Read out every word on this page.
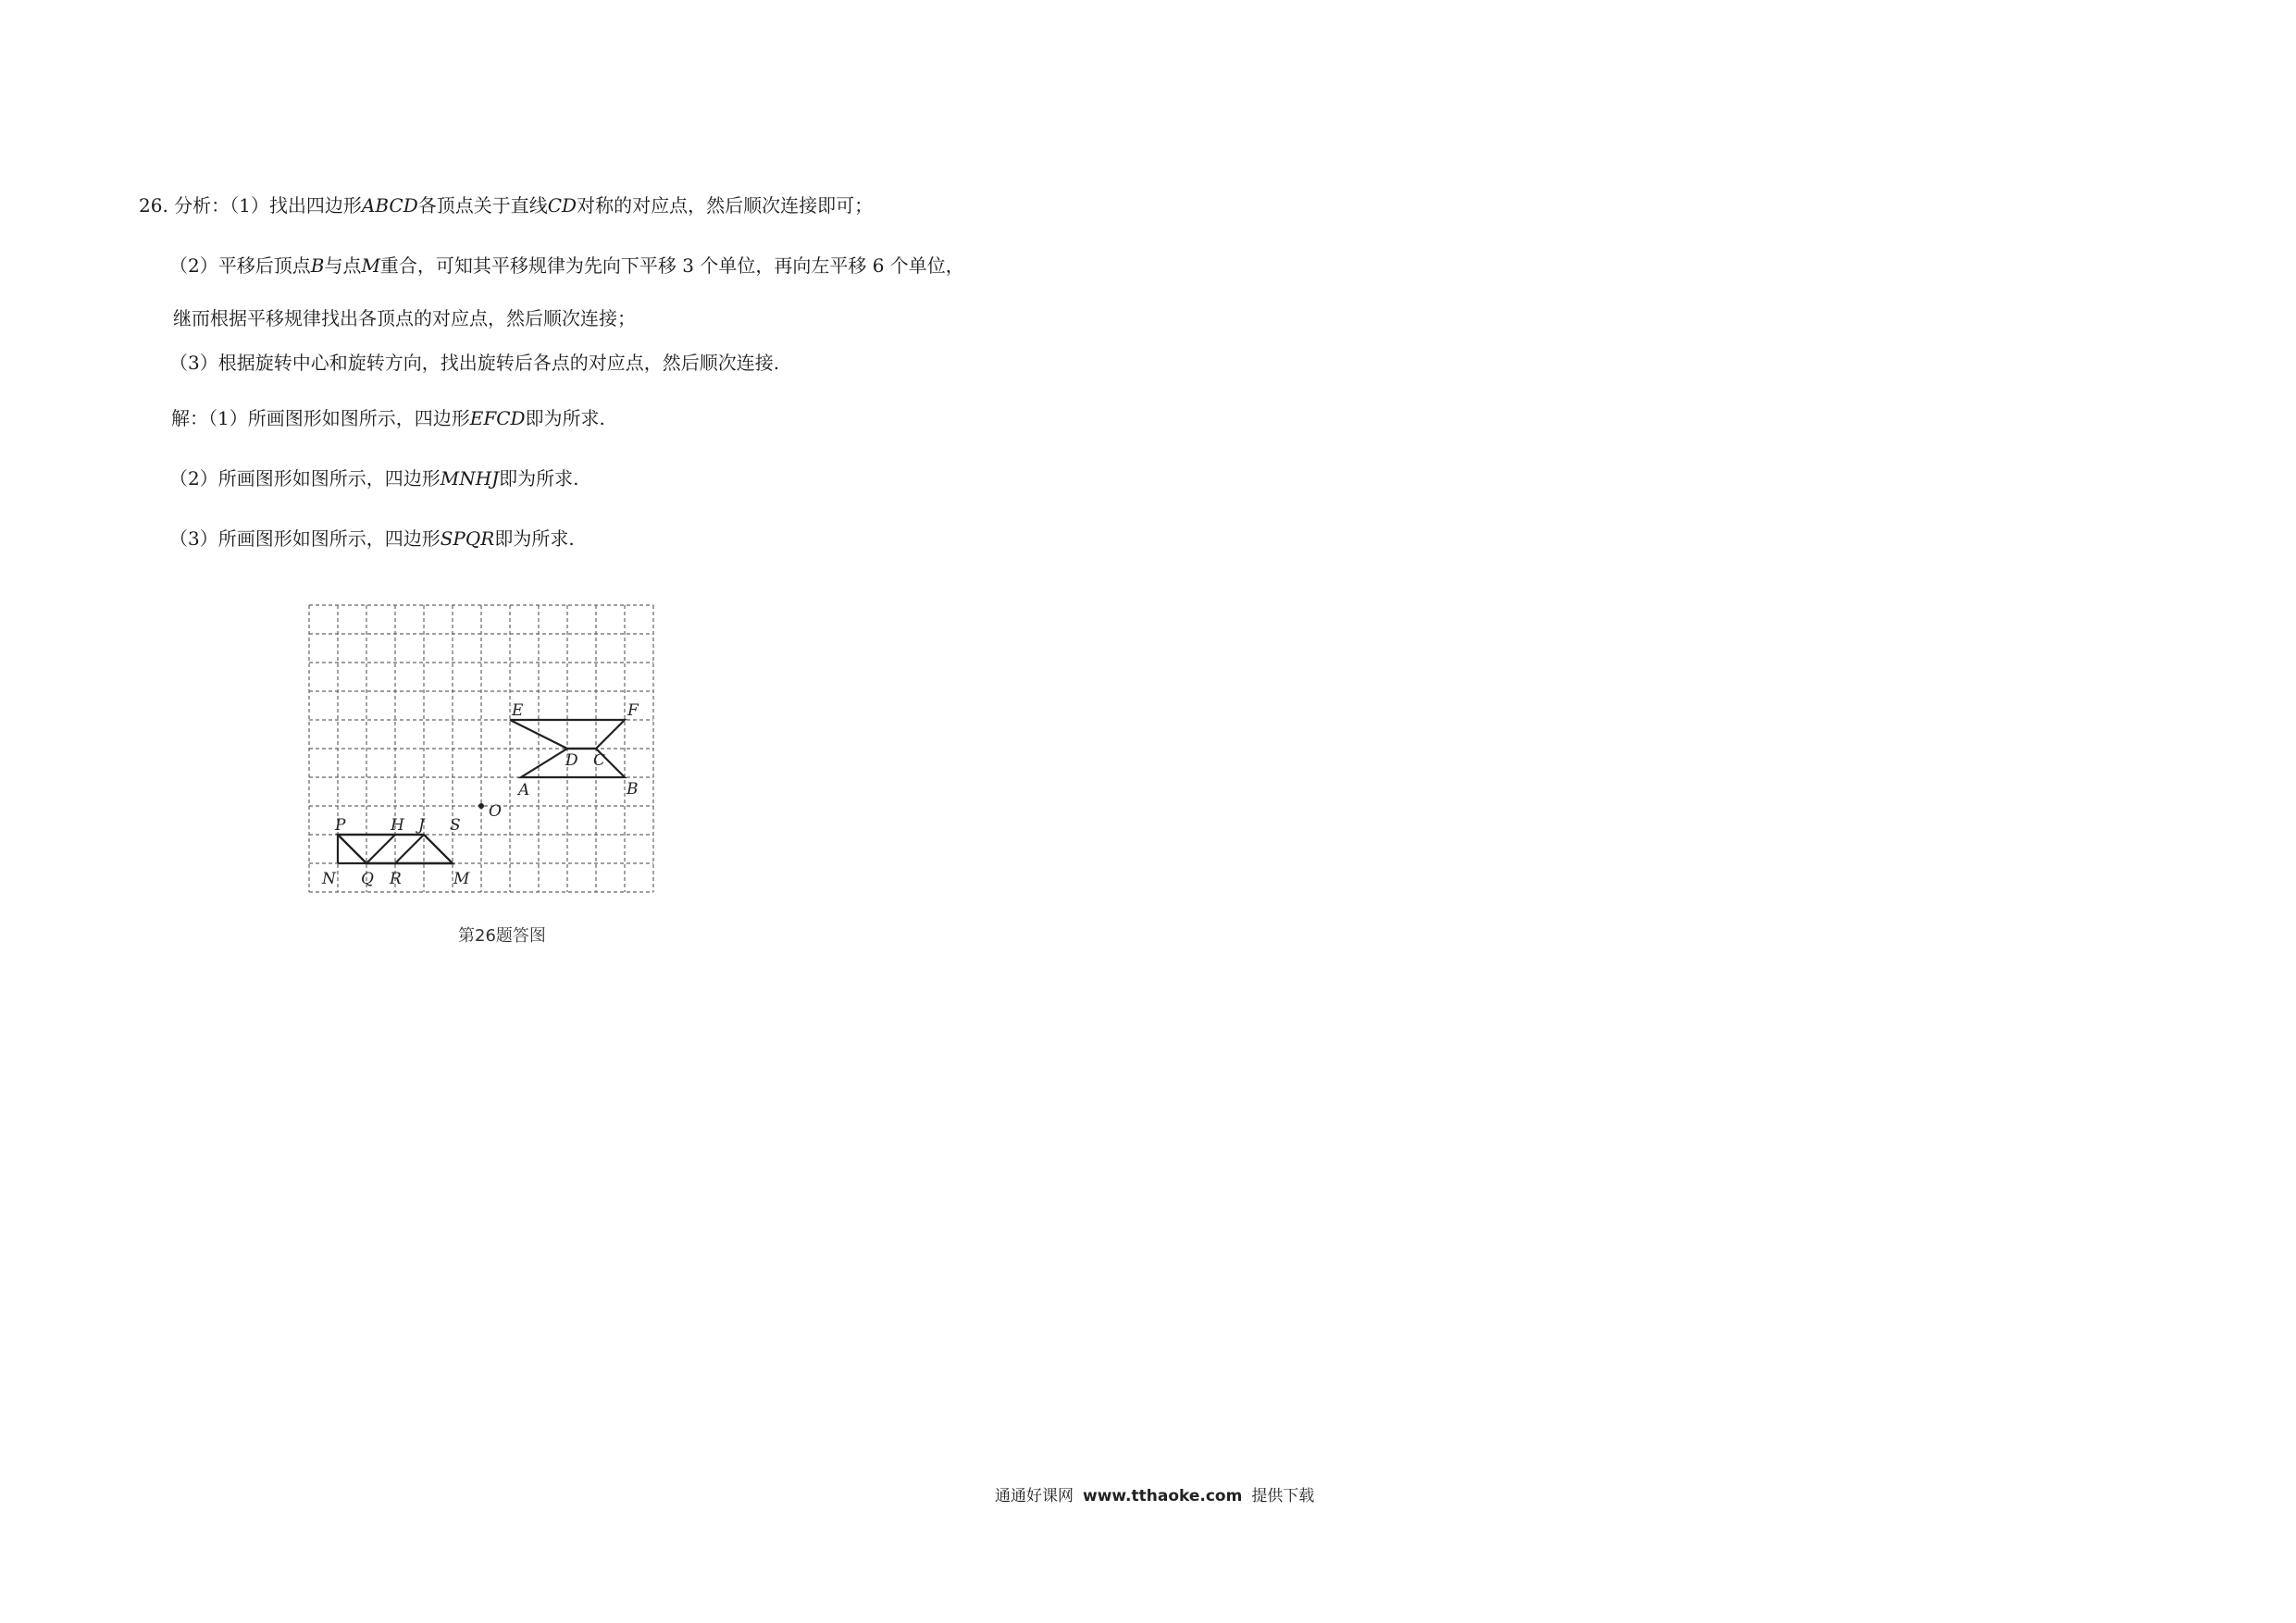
26. 分析：（1）找出四边形ABCD各顶点关于直线CD对称的对应点，然后顺次连接即可；
（2）平移后顶点B与点M重合，可知其平移规律为先向下平移 3 个单位，再向左平移 6 个单位，
继而根据平移规律找出各顶点的对应点，然后顺次连接；
（3）根据旋转中心和旋转方向，找出旋转后各点的对应点，然后顺次连接.
解：（1）所画图形如图所示，四边形EFCD即为所求.
（2）所画图形如图所示，四边形MNHJ即为所求.
（3）所画图形如图所示，四边形SPQR即为所求.
E	F
D C
A	B
O
P	H J S
N Q R	M
第26题答图
通通好课网 www.tthaoke.com 提供下载
